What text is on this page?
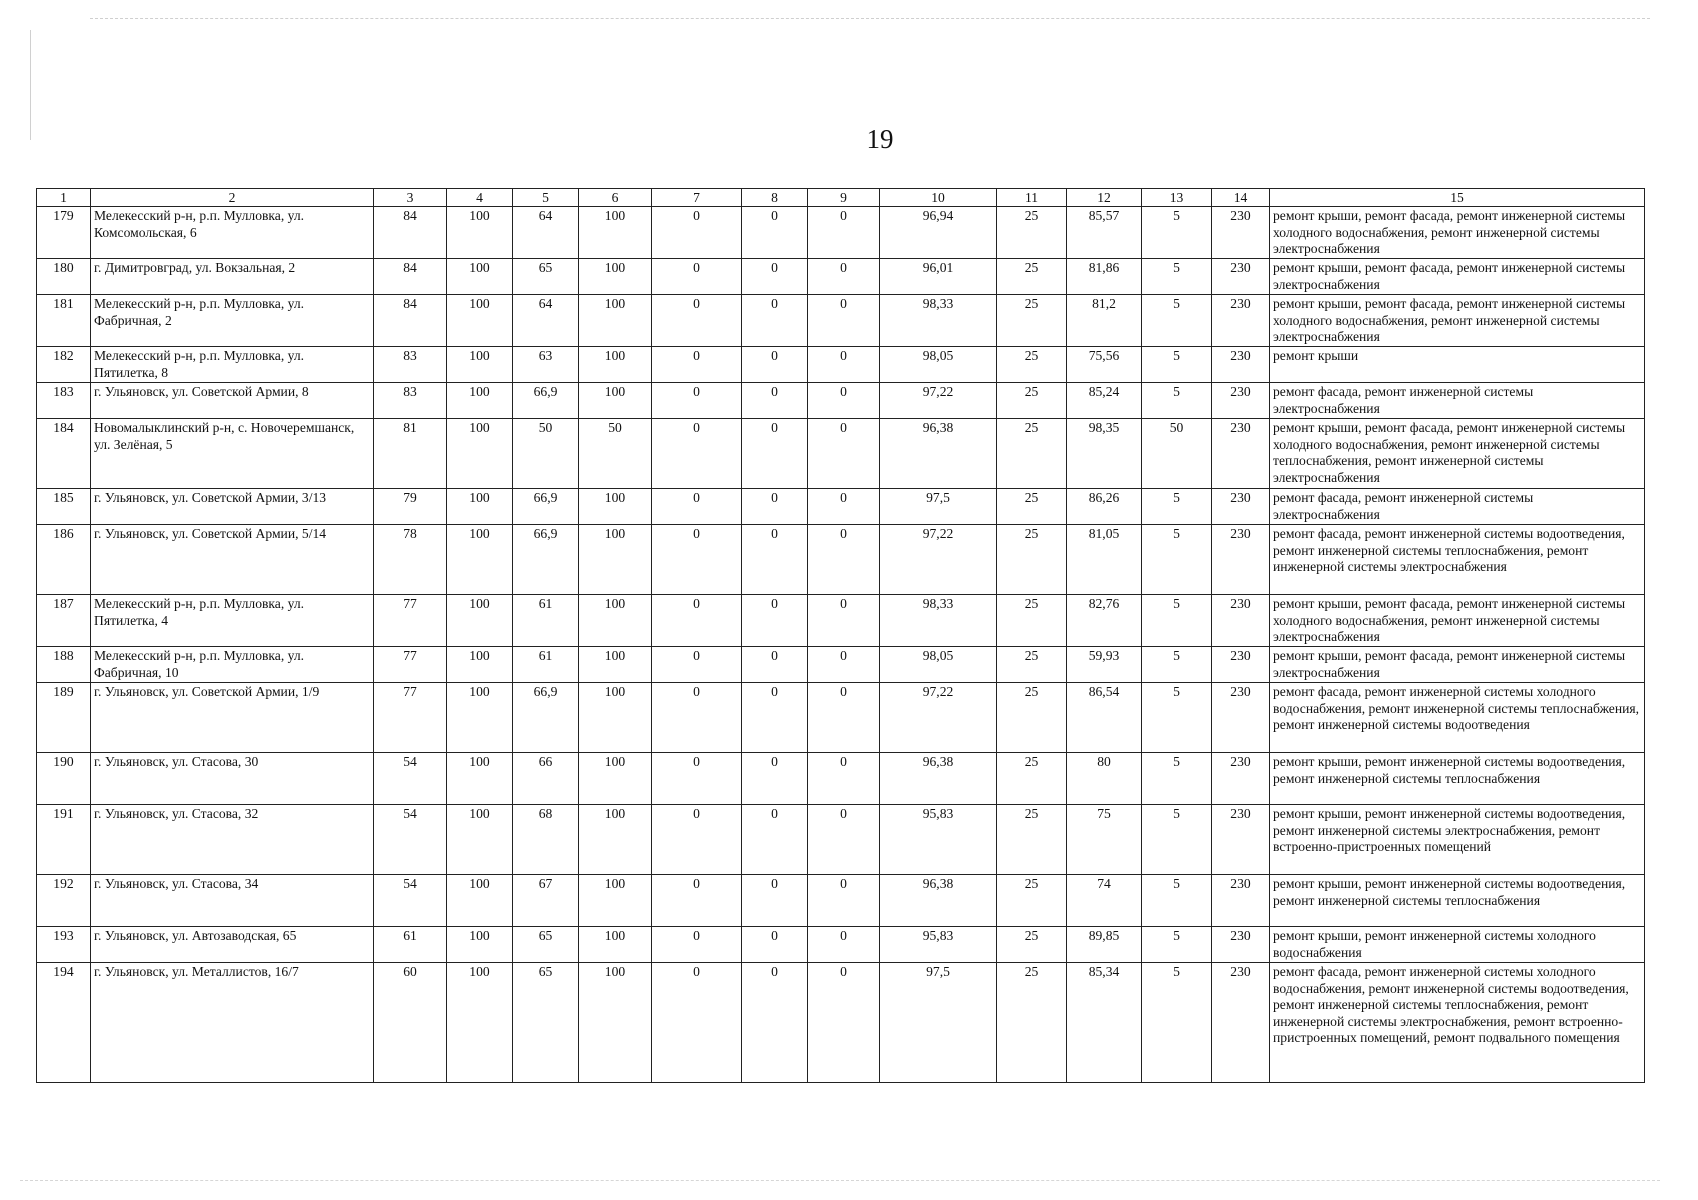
19
1	2	3	4	5	6	7	8	9	10	11	12	13	14	15
179	Мелекесский р-н, р.п. Мулловка, ул. Комсомольская, 6	84	100	64	100	0	0	0	96,94	25	85,57	5	230	ремонт крыши, ремонт фасада, ремонт инженерной системы холодного водоснабжения, ремонт инженерной системы электроснабжения
180	г. Димитровград, ул. Вокзальная, 2	84	100	65	100	0	0	0	96,01	25	81,86	5	230	ремонт крыши, ремонт фасада, ремонт инженерной системы электроснабжения
181	Мелекесский р-н, р.п. Мулловка, ул. Фабричная, 2	84	100	64	100	0	0	0	98,33	25	81,2	5	230	ремонт крыши, ремонт фасада, ремонт инженерной системы холодного водоснабжения, ремонт инженерной системы электроснабжения
182	Мелекесский р-н, р.п. Мулловка, ул. Пятилетка, 8	83	100	63	100	0	0	0	98,05	25	75,56	5	230	ремонт крыши
183	г. Ульяновск, ул. Советской Армии, 8	83	100	66,9	100	0	0	0	97,22	25	85,24	5	230	ремонт фасада, ремонт инженерной системы электроснабжения
184	Новомалыклинский р-н, с. Новочеремшанск, ул. Зелёная, 5	81	100	50	50	0	0	0	96,38	25	98,35	50	230	ремонт крыши, ремонт фасада, ремонт инженерной системы холодного водоснабжения, ремонт инженерной системы теплоснабжения, ремонт инженерной системы электроснабжения
185	г. Ульяновск, ул. Советской Армии, 3/13	79	100	66,9	100	0	0	0	97,5	25	86,26	5	230	ремонт фасада, ремонт инженерной системы электроснабжения
186	г. Ульяновск, ул. Советской Армии, 5/14	78	100	66,9	100	0	0	0	97,22	25	81,05	5	230	ремонт фасада, ремонт инженерной системы водоотведения, ремонт инженерной системы теплоснабжения, ремонт инженерной системы электроснабжения
187	Мелекесский р-н, р.п. Мулловка, ул. Пятилетка, 4	77	100	61	100	0	0	0	98,33	25	82,76	5	230	ремонт крыши, ремонт фасада, ремонт инженерной системы холодного водоснабжения, ремонт инженерной системы электроснабжения
188	Мелекесский р-н, р.п. Мулловка, ул. Фабричная, 10	77	100	61	100	0	0	0	98,05	25	59,93	5	230	ремонт крыши, ремонт фасада, ремонт инженерной системы электроснабжения
189	г. Ульяновск, ул. Советской Армии, 1/9	77	100	66,9	100	0	0	0	97,22	25	86,54	5	230	ремонт фасада, ремонт инженерной системы холодного водоснабжения, ремонт инженерной системы теплоснабжения, ремонт инженерной системы водоотведения
190	г. Ульяновск, ул. Стасова, 30	54	100	66	100	0	0	0	96,38	25	80	5	230	ремонт крыши, ремонт инженерной системы водоотведения, ремонт инженерной системы теплоснабжения
191	г. Ульяновск, ул. Стасова, 32	54	100	68	100	0	0	0	95,83	25	75	5	230	ремонт крыши, ремонт инженерной системы водоотведения, ремонт инженерной системы электроснабжения, ремонт встроенно-пристроенных помещений
192	г. Ульяновск, ул. Стасова, 34	54	100	67	100	0	0	0	96,38	25	74	5	230	ремонт крыши, ремонт инженерной системы водоотведения, ремонт инженерной системы теплоснабжения
193	г. Ульяновск, ул. Автозаводская, 65	61	100	65	100	0	0	0	95,83	25	89,85	5	230	ремонт крыши, ремонт инженерной системы холодного водоснабжения
194	г. Ульяновск, ул. Металлистов, 16/7	60	100	65	100	0	0	0	97,5	25	85,34	5	230	ремонт фасада, ремонт инженерной системы холодного водоснабжения, ремонт инженерной системы водоотведения, ремонт инженерной системы теплоснабжения, ремонт инженерной системы электроснабжения, ремонт встроенно-пристроенных помещений, ремонт подвального помещения
